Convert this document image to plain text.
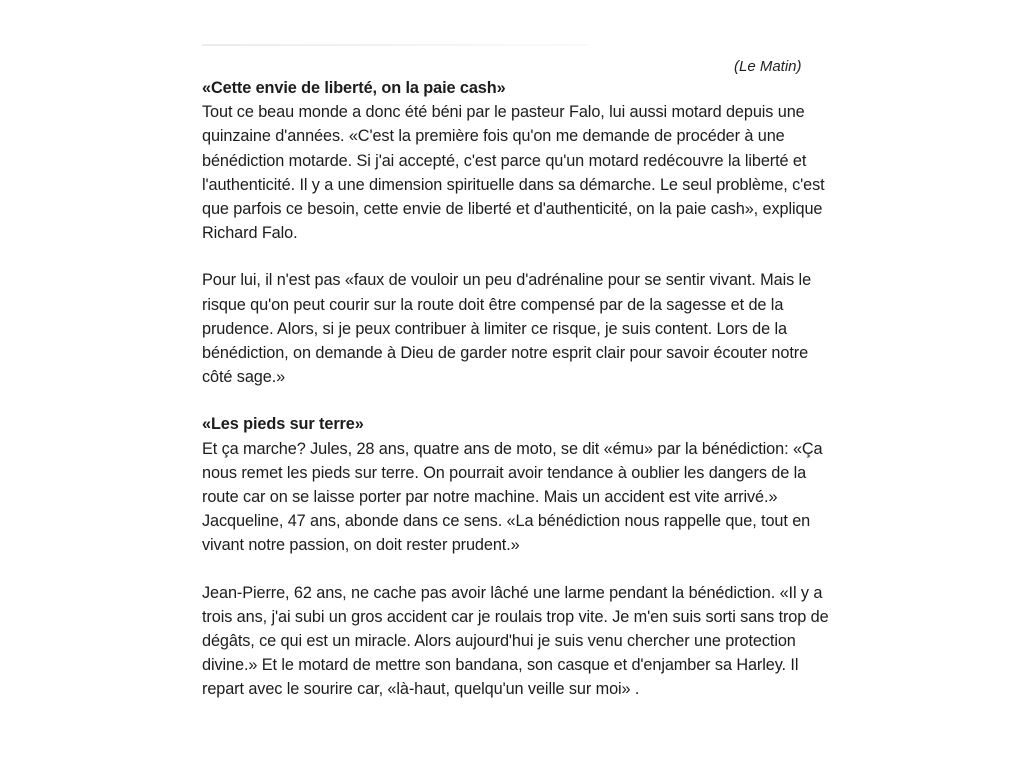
(Le Matin)
«Cette envie de liberté, on la paie cash»

Tout ce beau monde a donc été béni par le pasteur Falo, lui aussi motard depuis une quinzaine d'années. «C'est la première fois qu'on me demande de procéder à une bénédiction motarde. Si j'ai accepté, c'est parce qu'un motard redécouvre la liberté et l'authenticité. Il y a une dimension spirituelle dans sa démarche. Le seul problème, c'est que parfois ce besoin, cette envie de liberté et d'authenticité, on la paie cash», explique Richard Falo.

Pour lui, il n'est pas «faux de vouloir un peu d'adrénaline pour se sentir vivant. Mais le risque qu'on peut courir sur la route doit être compensé par de la sagesse et de la prudence. Alors, si je peux contribuer à limiter ce risque, je suis content. Lors de la bénédiction, on demande à Dieu de garder notre esprit clair pour savoir écouter notre côté sage.»

«Les pieds sur terre»

Et ça marche? Jules, 28 ans, quatre ans de moto, se dit «ému» par la bénédiction: «Ça nous remet les pieds sur terre. On pourrait avoir tendance à oublier les dangers de la route car on se laisse porter par notre machine. Mais un accident est vite arrivé.» Jacqueline, 47 ans, abonde dans ce sens. «La bénédiction nous rappelle que, tout en vivant notre passion, on doit rester prudent.»

Jean-Pierre, 62 ans, ne cache pas avoir lâché une larme pendant la bénédiction. «Il y a trois ans, j'ai subi un gros accident car je roulais trop vite. Je m'en suis sorti sans trop de dégâts, ce qui est un miracle. Alors aujourd'hui je suis venu chercher une protection divine.» Et le motard de mettre son bandana, son casque et d'enjamber sa Harley. Il repart avec le sourire car, «là-haut, quelqu'un veille sur moi» .
